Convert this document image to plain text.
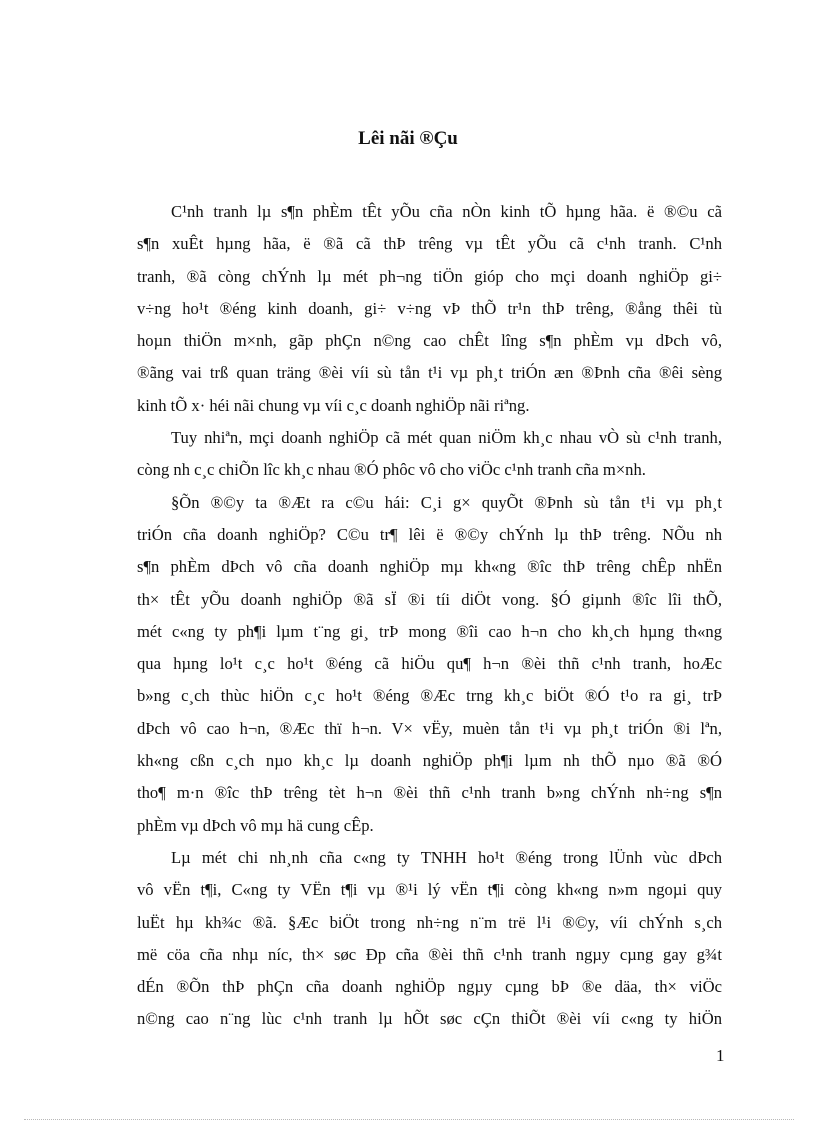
Lêi nãi ®Çu
C¹nh tranh lµ s¶n phÈm tÊt yÕu cña nÒn kinh tÕ hµng hãa. ë ®©u cã
s¶n xuÊt hµng hãa, ë ®ã cã thÞ trêng vµ tÊt yÕu cã c¹nh tranh. C¹nh
tranh, ®ã còng chÝnh lµ mét ph¬ng tiÖn gióp cho mçi doanh nghiÖp gi÷
v÷ng ho¹t ®éng kinh doanh, gi÷ v÷ng vÞ thÕ tr¹n thÞ trêng, ®ång thêi tù
hoµn thiÖn m×nh, gãp phÇn n©ng cao chÊt lîng s¶n phÈm vµ dÞch vô,
®ãng vai trß quan träng ®èi víi sù tån t¹i vµ ph¸t triÓn æn ®Þnh cña ®êi sèng
kinh tÕ x· héi nãi chung vµ víi c¸c doanh nghiÖp nãi riªng.
Tuy nhiªn, mçi doanh nghiÖp cã mét quan niÖm kh¸c nhau vÒ sù c¹nh tranh,
còng nh c¸c chiÕn lîc kh¸c nhau ®Ó phôc vô cho viÖc c¹nh tranh cña m×nh.
§Õn ®©y ta ®Æt ra c©u hái: C¸i g× quyÕt ®Þnh sù tån t¹i vµ ph¸t
triÓn cña doanh nghiÖp? C©u tr¶ lêi ë ®©y chÝnh lµ thÞ trêng. NÕu nh
s¶n phÈm dÞch vô cña doanh nghiÖp mµ kh«ng ®îc thÞ trêng chÊp nhËn
th× tÊt yÕu doanh nghiÖp ®ã sÏ ®i tíi diÖt vong. §Ó giµnh ®îc lîi thÕ,
mét c«ng ty ph¶i lµm t¨ng gi¸ trÞ mong ®îi cao h¬n cho kh¸ch hµng th«ng
qua hµng lo¹t c¸c ho¹t ®éng cã hiÖu qu¶ h¬n ®èi thñ c¹nh tranh, hoÆc
b»ng c¸ch thùc hiÖn c¸c ho¹t ®éng ®Æc trng kh¸c biÖt ®Ó t¹o ra gi¸ trÞ
dÞch vô cao h¬n, ®Æc thï h¬n. V× vËy, muèn tån t¹i vµ ph¸t triÓn ®i lªn,
kh«ng cßn c¸ch nµo kh¸c lµ doanh nghiÖp ph¶i lµm nh thÕ nµo ®ã ®Ó
tho¶ m·n ®îc thÞ trêng tèt h¬n ®èi thñ c¹nh tranh b»ng chÝnh nh÷ng s¶n
phÈm vµ dÞch vô mµ hä cung cÊp.
Lµ mét chi nh¸nh cña c«ng ty TNHH ho¹t ®éng trong lÜnh vùc dÞch
vô vËn t¶i, C«ng ty VËn t¶i vµ ®¹i lý vËn t¶i còng kh«ng n»m ngoµi quy
luËt hµ kh¾c ®ã. §Æc biÖt trong nh÷ng n¨m trë l¹i ®©y, víi chÝnh s¸ch
më cöa cña nhµ níc, th× søc Ðp cña ®èi thñ c¹nh tranh ngµy cµng gay g¾t
dÉn ®Õn thÞ phÇn cña doanh nghiÖp ngµy cµng bÞ ®e däa, th× viÖc
n©ng cao n¨ng lùc c¹nh tranh lµ hÕt søc cÇn thiÕt ®èi víi c«ng ty hiÖn
1
